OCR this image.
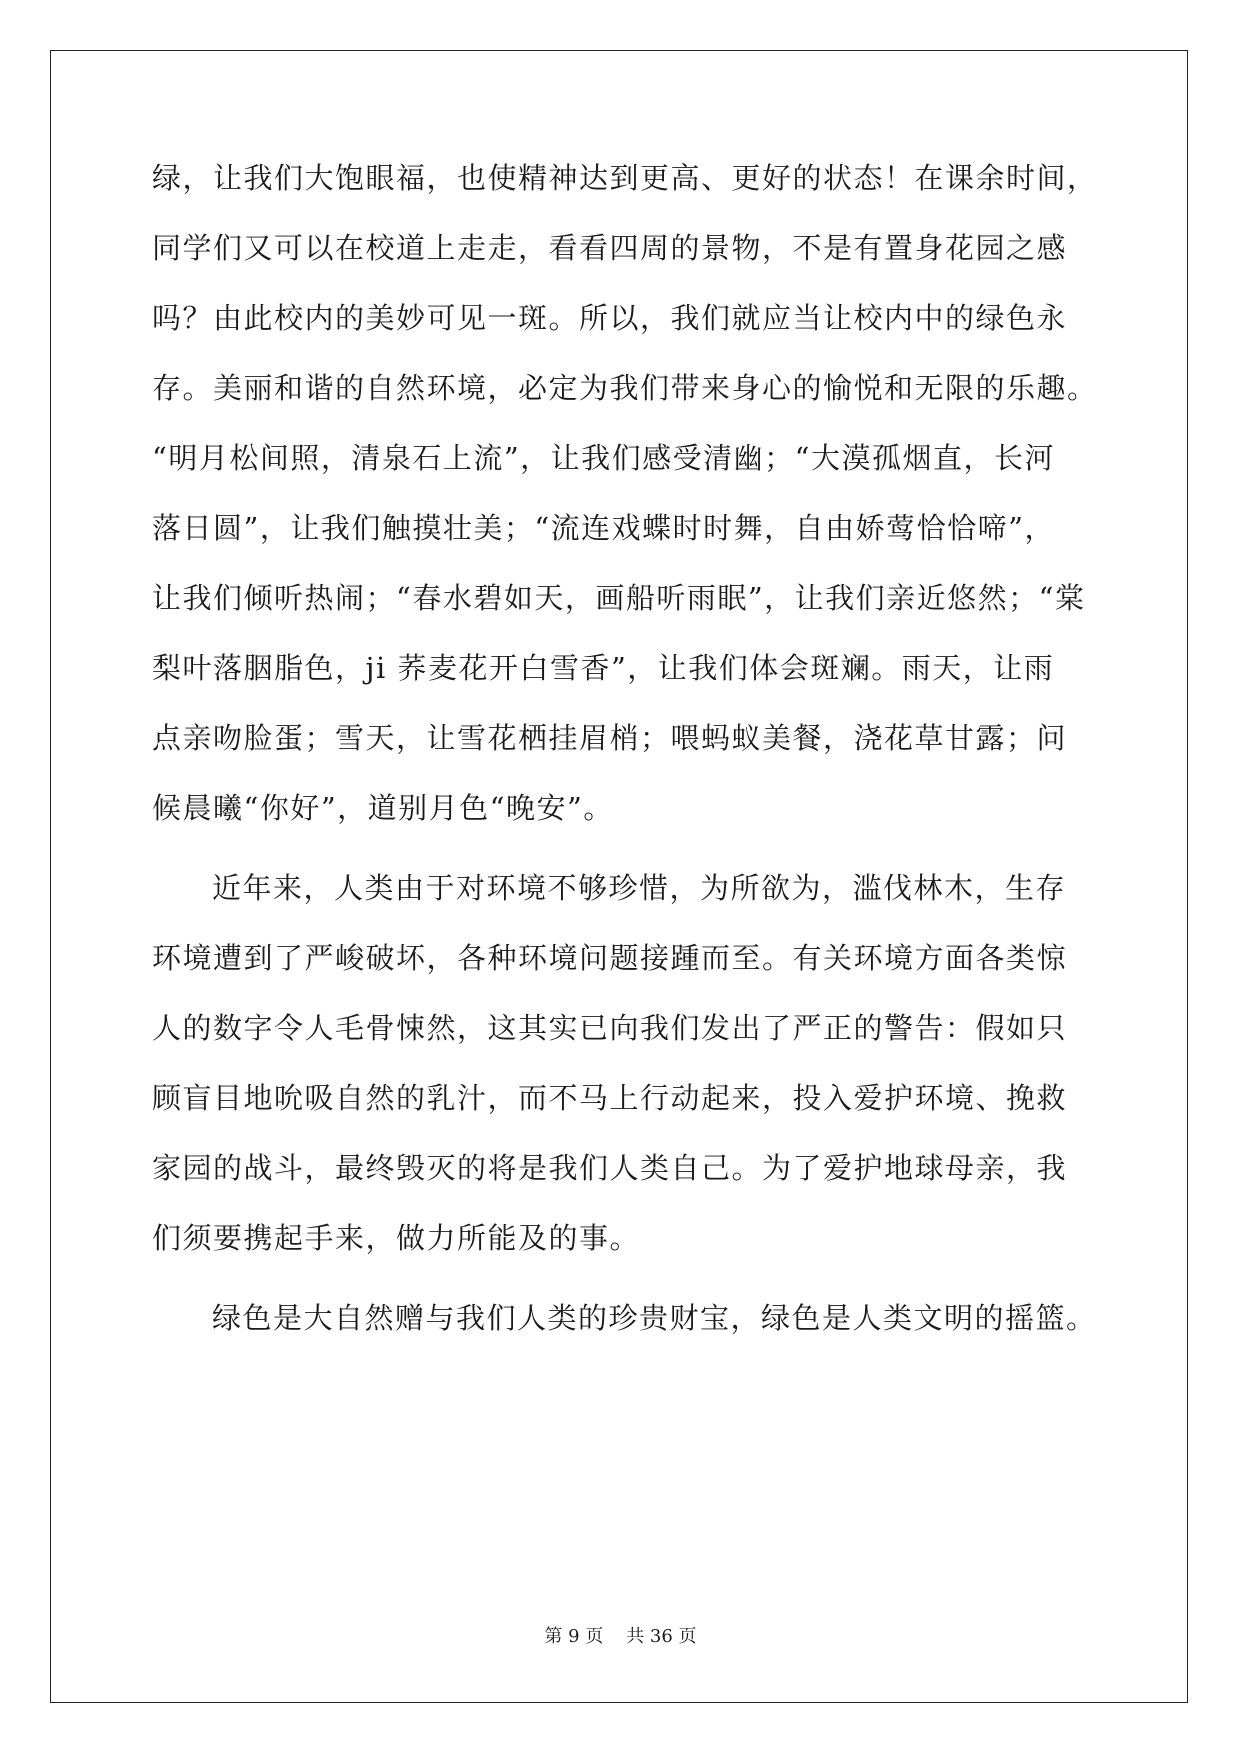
绿，让我们大饱眼福，也使精神达到更高、更好的状态！在课余时间，
同学们又可以在校道上走走，看看四周的景物，不是有置身花园之感
吗？由此校内的美妙可见一斑。所以，我们就应当让校内中的绿色永
存。美丽和谐的自然环境，必定为我们带来身心的愉悦和无限的乐趣。
“明月松间照，清泉石上流”，让我们感受清幽；“大漠孤烟直，长河
落日圆”，让我们触摸壮美；“流连戏蝶时时舞，自由娇莺恰恰啼”，
让我们倾听热闹；“春水碧如天，画船听雨眠”，让我们亲近悠然；“棠
梨叶落胭脂色，ji 荞麦花开白雪香”，让我们体会斑斓。雨天，让雨
点亲吻脸蛋；雪天，让雪花栖挂眉梢；喂蚂蚁美餐，浇花草甘露；问
候晨曦“你好”，道别月色“晚安”。
近年来，人类由于对环境不够珍惜，为所欲为，滥伐林木，生存
环境遭到了严峻破坏，各种环境问题接踵而至。有关环境方面各类惊
人的数字令人毛骨悚然，这其实已向我们发出了严正的警告：假如只
顾盲目地吮吸自然的乳汁，而不马上行动起来，投入爱护环境、挽救
家园的战斗，最终毁灭的将是我们人类自己。为了爱护地球母亲，我
们须要携起手来，做力所能及的事。
绿色是大自然赠与我们人类的珍贵财宝，绿色是人类文明的摇篮。
第 9 页    共 36 页
